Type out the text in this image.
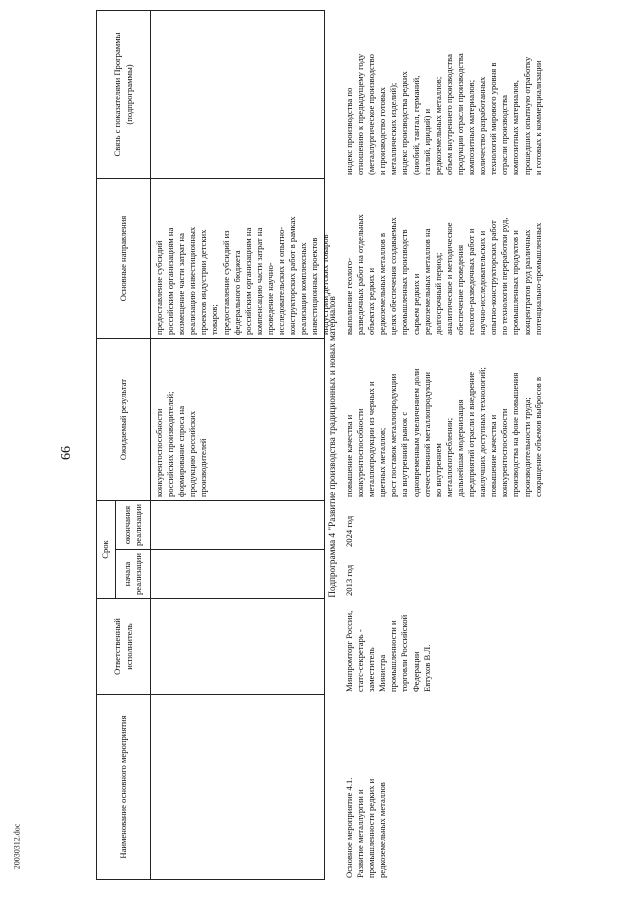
66
20030312.doc	Наименование основного мероприятия
Ответственный исполнитель
Срок
начала реализации
окончания реализации
Ожидаемый результат
Основные направления
Связь с показателями Программы (подпрограммы)
конкурентоспособности
российских производителей;
формирование спроса на
продукцию российских
производителей
предоставление субсидий
российским организациям на
возмещение части затрат на
реализацию инвестиционных
проектов индустрии детских
товаров;
предоставление субсидий из
федерального бюджета
российским организациям на
компенсацию части затрат на
проведение научно-
исследовательских и опытно-
конструкторских работ в рамках
реализации комплексных
инвестиционных проектов
индустрии детских товаров
Подпрограмма 4 "Развитие производства традиционных и новых материалов"
Основное мероприятие 4.1.
Развитие металлургии и
промышленности редких и
редкоземельных металлов
Минпромторг России,
статс-секретарь -
заместитель
Министра
промышленности и
торговли Российской
Федерации
Евтухов В.Л.
2013 год
2024 год
повышение качества и
конкурентоспособности
металлопродукции из черных и
цветных металлов;
рост поставок металлопродукции
на внутренний рынок с
одновременным увеличением доли
отечественной металлопродукции
во внутреннем
металлопотреблении;
дальнейшая модернизация
предприятий отрасли и внедрение
наилучших доступных технологий;
повышение качества и
конкурентоспособности
производства на фоне повышения
производительности труда;
сокращение объемов выбросов в
выполнение геолого-
разведочных работ на отдельных
объектах редких и
редкоземельных металлов в
целях обеспечения создаваемых
промышленных производств
сырьем редких и
редкоземельных металлов на
долгосрочный период;
аналитическое и методическое
обеспечение проведения
геолого-разведочных работ и
научно-исследовательских и
опытно-конструкторских работ
по технологии переработки руд,
промышленных продуктов и
концентратов руд различных
потенциально-промышленных
индекс производства по
отношению к предыдущему году
(металлургическое производство
и производство готовых
металлических изделий);
индекс производства редких
(ниобий, тантал, германий,
галлий, иридий) и
редкоземельных металлов;
объем внутреннего производства
продукции отрасли производства
композитных материалов;
количество разработанных
технологий мирового уровня в
отрасли производства
композитных материалов,
прошедших опытную отработку
и готовых к коммерциализации
